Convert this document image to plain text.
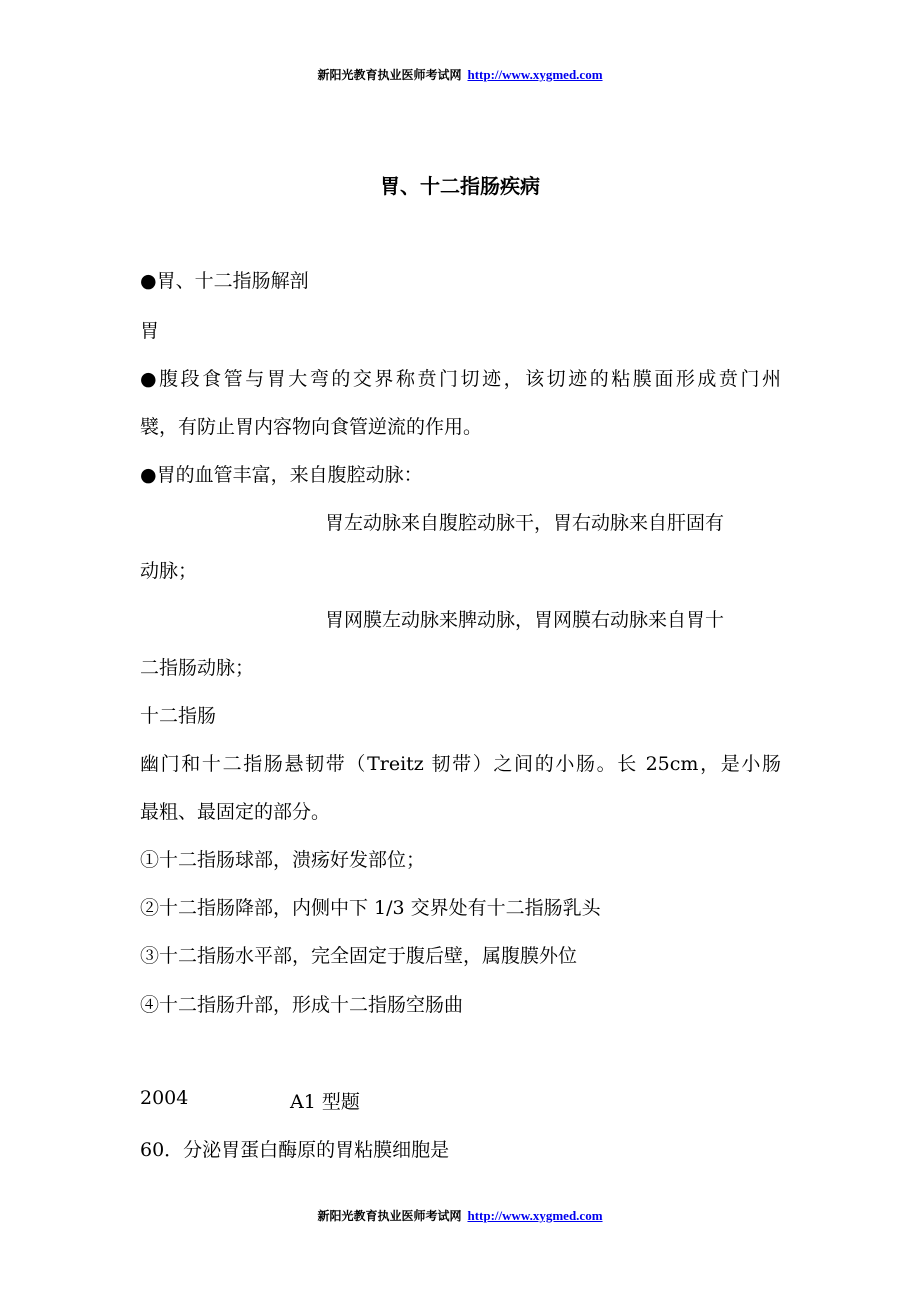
新阳光教育执业医师考试网 http://www.xygmed.com
胃、十二指肠疾病
●胃、十二指肠解剖
胃
●腹段食管与胃大弯的交界称贲门切迹，该切迹的粘膜面形成贲门州
襞，有防止胃内容物向食管逆流的作用。
●胃的血管丰富，来自腹腔动脉：
胃左动脉来自腹腔动脉干，胃右动脉来自肝固有
动脉；
胃网膜左动脉来脾动脉，胃网膜右动脉来自胃十
二指肠动脉；
十二指肠
幽门和十二指肠悬韧带（Treitz 韧带）之间的小肠。长 25cm，是小肠
最粗、最固定的部分。
①十二指肠球部，溃疡好发部位；
②十二指肠降部，内侧中下 1/3 交界处有十二指肠乳头
③十二指肠水平部，完全固定于腹后壁，属腹膜外位
④十二指肠升部，形成十二指肠空肠曲
2004	A1 型题
60．分泌胃蛋白酶原的胃粘膜细胞是
新阳光教育执业医师考试网 http://www.xygmed.com
